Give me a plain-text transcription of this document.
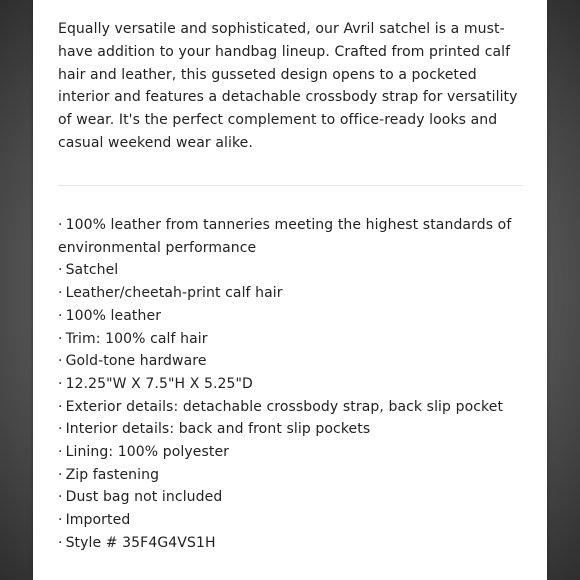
Equally versatile and sophisticated, our Avril satchel is a must-have addition to your handbag lineup. Crafted from printed calf hair and leather, this gusseted design opens to a pocketed interior and features a detachable crossbody strap for versatility of wear. It's the perfect complement to office-ready looks and casual weekend wear alike.

· 100% leather from tanneries meeting the highest standards of environmental performance
· Satchel
· Leather/cheetah-print calf hair
· 100% leather
· Trim: 100% calf hair
· Gold-tone hardware
· 12.25"W X 7.5"H X 5.25"D
· Exterior details: detachable crossbody strap, back slip pocket
· Interior details: back and front slip pockets
· Lining: 100% polyester
· Zip fastening
· Dust bag not included
· Imported
· Style # 35F4G4VS1H
